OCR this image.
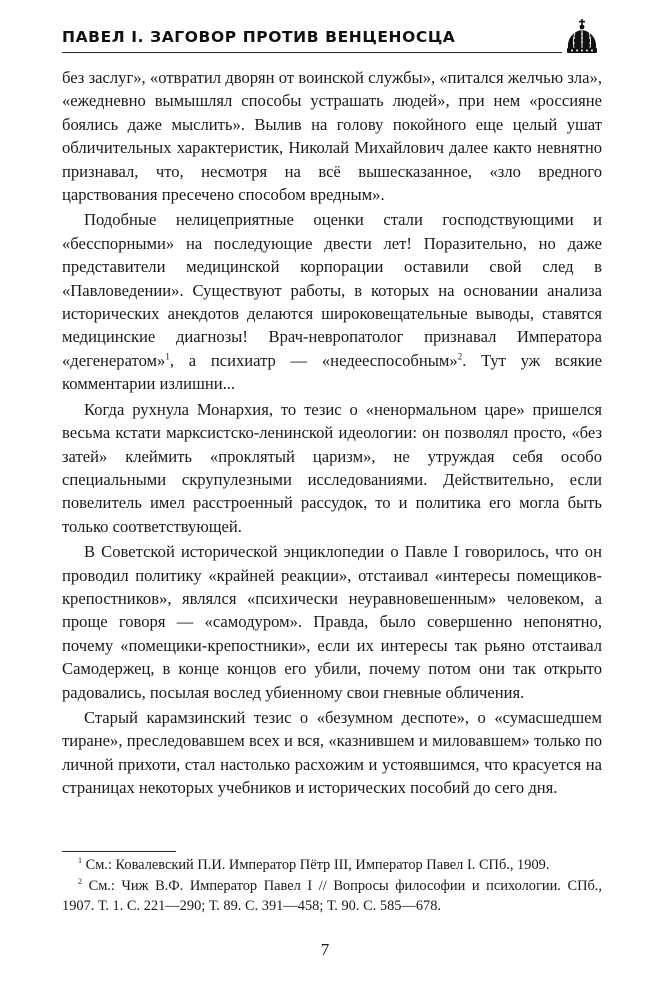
ПАВЕЛ I. ЗАГОВОР ПРОТИВ ВЕНЦЕНОСЦА

без заслуг», «отвратил дворян от воинской службы», «питался желчью зла», «ежедневно вымышлял способы устрашать людей», при нем «россияне боялись даже мыслить». Вылив на голову покойного еще целый ушат обличительных характеристик, Николай Михайлович далее както невнятно признавал, что, несмотря на всё вышесказанное, «зло вредного царствования пресечено способом вредным».

Подобные нелицеприятные оценки стали господствующими и «бесспорными» на последующие двести лет! Поразительно, но даже представители медицинской корпорации оставили свой след в «Павловедении». Существуют работы, в которых на основании анализа исторических анекдотов делаются широковещательные выводы, ставятся медицинские диагнозы! Врач-невропатолог признавал Императора «дегенератом»$^1$, а психиатр — «недееспособным»$^2$. Тут уж всякие комментарии излишни...

Когда рухнула Монархия, то тезис о «ненормальном царе» пришелся весьма кстати марксистско-ленинской идеологии: он позволял просто, «без затей» клеймить «проклятый царизм», не утруждая себя особо специальными скрупулезными исследованиями. Действительно, если повелитель имел расстроенный рассудок, то и политика его могла быть только соответствующей.

В Советской исторической энциклопедии о Павле I говорилось, что он проводил политику «крайней реакции», отстаивал «интересы помещиков-крепостников», являлся «психически неуравновешенным» человеком, а проще говоря — «самодуром». Правда, было совершенно непонятно, почему «помещики-крепостники», если их интересы так рьяно отстаивал Самодержец, в конце концов его убили, почему потом они так открыто радовались, посылая вослед убиенному свои гневные обличения.

Старый карамзинский тезис о «безумном деспоте», о «сумасшедшем тиране», преследовавшем всех и вся, «казнившем и миловавшем» только по личной прихоти, стал настолько расхожим и устоявшимся, что красуется на страницах некоторых учебников и исторических пособий до сего дня.

$^1$ См.: Ковалевский П.И. Император Пётр III, Император Павел I. СПб., 1909.

$^2$ См.: Чиж В.Ф. Император Павел I // Вопросы философии и психологии. СПб., 1907. Т. 1. С. 221—290; Т. 89. С. 391—458; Т. 90. С. 585—678.

7
